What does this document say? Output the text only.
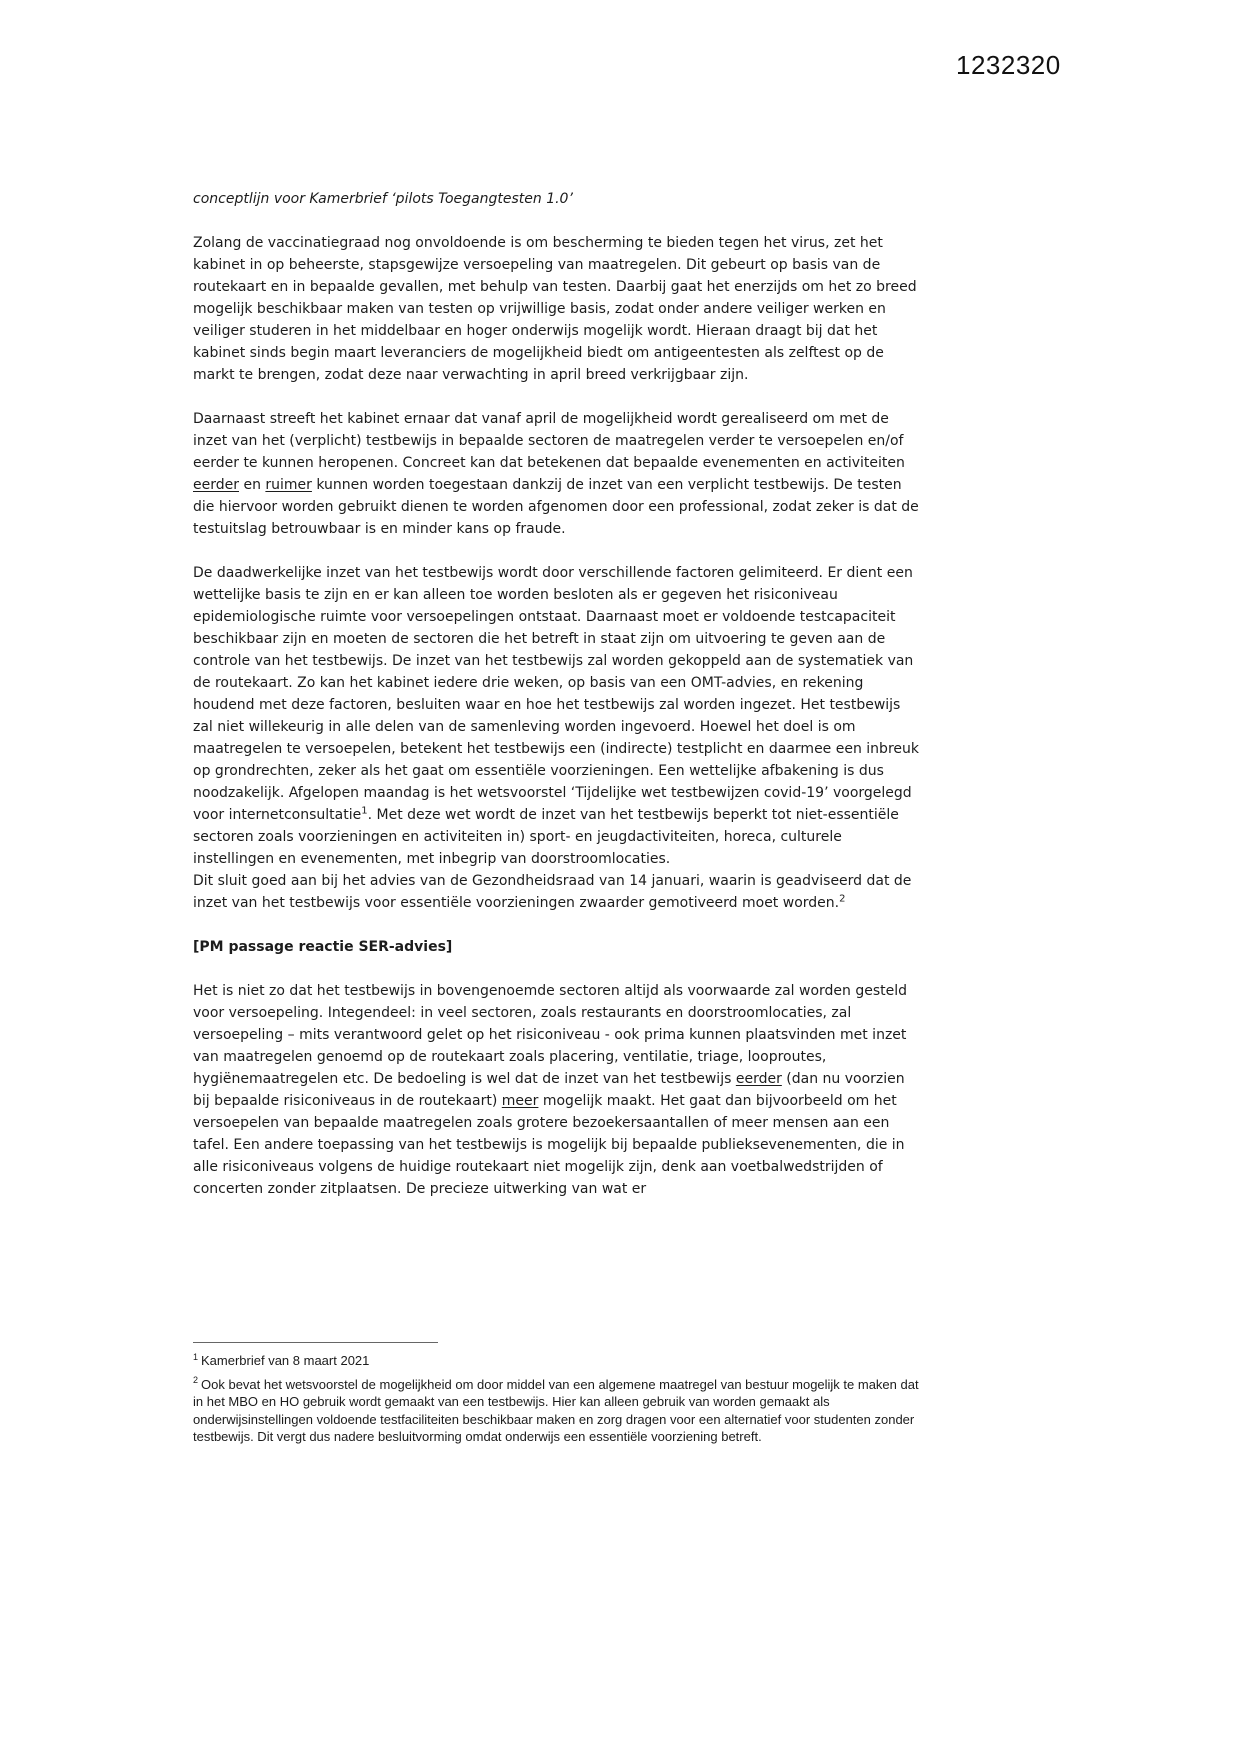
1232320
conceptlijn voor Kamerbrief ‘pilots Toegangtesten 1.0’
Zolang de vaccinatiegraad nog onvoldoende is om bescherming te bieden tegen het virus, zet het kabinet in op beheerste, stapsgewijze versoepeling van maatregelen. Dit gebeurt op basis van de routekaart en in bepaalde gevallen, met behulp van testen. Daarbij gaat het enerzijds om het zo breed mogelijk beschikbaar maken van testen op vrijwillige basis, zodat onder andere veiliger werken en veiliger studeren in het middelbaar en hoger onderwijs mogelijk wordt. Hieraan draagt bij dat het kabinet sinds begin maart leveranciers de mogelijkheid biedt om antigeentesten als zelftest op de markt te brengen, zodat deze naar verwachting in april breed verkrijgbaar zijn.
Daarnaast streeft het kabinet ernaar dat vanaf april de mogelijkheid wordt gerealiseerd om met de inzet van het (verplicht) testbewijs in bepaalde sectoren de maatregelen verder te versoepelen en/of eerder te kunnen heropenen. Concreet kan dat betekenen dat bepaalde evenementen en activiteiten eerder en ruimer kunnen worden toegestaan dankzij de inzet van een verplicht testbewijs. De testen die hiervoor worden gebruikt dienen te worden afgenomen door een professional, zodat zeker is dat de testuitslag betrouwbaar is en minder kans op fraude.
De daadwerkelijke inzet van het testbewijs wordt door verschillende factoren gelimiteerd. Er dient een wettelijke basis te zijn en er kan alleen toe worden besloten als er gegeven het risiconiveau epidemiologische ruimte voor versoepelingen ontstaat. Daarnaast moet er voldoende testcapaciteit beschikbaar zijn en moeten de sectoren die het betreft in staat zijn om uitvoering te geven aan de controle van het testbewijs. De inzet van het testbewijs zal worden gekoppeld aan de systematiek van de routekaart. Zo kan het kabinet iedere drie weken, op basis van een OMT-advies, en rekening houdend met deze factoren, besluiten waar en hoe het testbewijs zal worden ingezet. Het testbewijs zal niet willekeurig in alle delen van de samenleving worden ingevoerd. Hoewel het doel is om maatregelen te versoepelen, betekent het testbewijs een (indirecte) testplicht en daarmee een inbreuk op grondrechten, zeker als het gaat om essentiële voorzieningen. Een wettelijke afbakening is dus noodzakelijk. Afgelopen maandag is het wetsvoorstel ‘Tijdelijke wet testbewijzen covid-19’ voorgelegd voor internetconsultatie$^1$. Met deze wet wordt de inzet van het testbewijs beperkt tot niet-essentiële sectoren zoals voorzieningen en activiteiten in) sport- en jeugdactiviteiten, horeca, culturele instellingen en evenementen, met inbegrip van doorstroomlocaties.
Dit sluit goed aan bij het advies van de Gezondheidsraad van 14 januari, waarin is geadviseerd dat de inzet van het testbewijs voor essentiële voorzieningen zwaarder gemotiveerd moet worden.$^2$
[PM passage reactie SER-advies]
Het is niet zo dat het testbewijs in bovengenoemde sectoren altijd als voorwaarde zal worden gesteld voor versoepeling. Integendeel: in veel sectoren, zoals restaurants en doorstroomlocaties, zal versoepeling – mits verantwoord gelet op het risiconiveau - ook prima kunnen plaatsvinden met inzet van maatregelen genoemd op de routekaart zoals placering, ventilatie, triage, looproutes, hygiënemaatregelen etc. De bedoeling is wel dat de inzet van het testbewijs eerder (dan nu voorzien bij bepaalde risiconiveaus in de routekaart) meer mogelijk maakt. Het gaat dan bijvoorbeeld om het versoepelen van bepaalde maatregelen zoals grotere bezoekersaantallen of meer mensen aan een tafel. Een andere toepassing van het testbewijs is mogelijk bij bepaalde publieksevenementen, die in alle risiconiveaus volgens de huidige routekaart niet mogelijk zijn, denk aan voetbalwedstrijden of concerten zonder zitplaatsen. De precieze uitwerking van wat er
$^1$ Kamerbrief van 8 maart 2021
$^2$ Ook bevat het wetsvoorstel de mogelijkheid om door middel van een algemene maatregel van bestuur mogelijk te maken dat in het MBO en HO gebruik wordt gemaakt van een testbewijs. Hier kan alleen gebruik van worden gemaakt als onderwijsinstellingen voldoende testfaciliteiten beschikbaar maken en zorg dragen voor een alternatief voor studenten zonder testbewijs. Dit vergt dus nadere besluitvorming omdat onderwijs een essentiële voorziening betreft.
